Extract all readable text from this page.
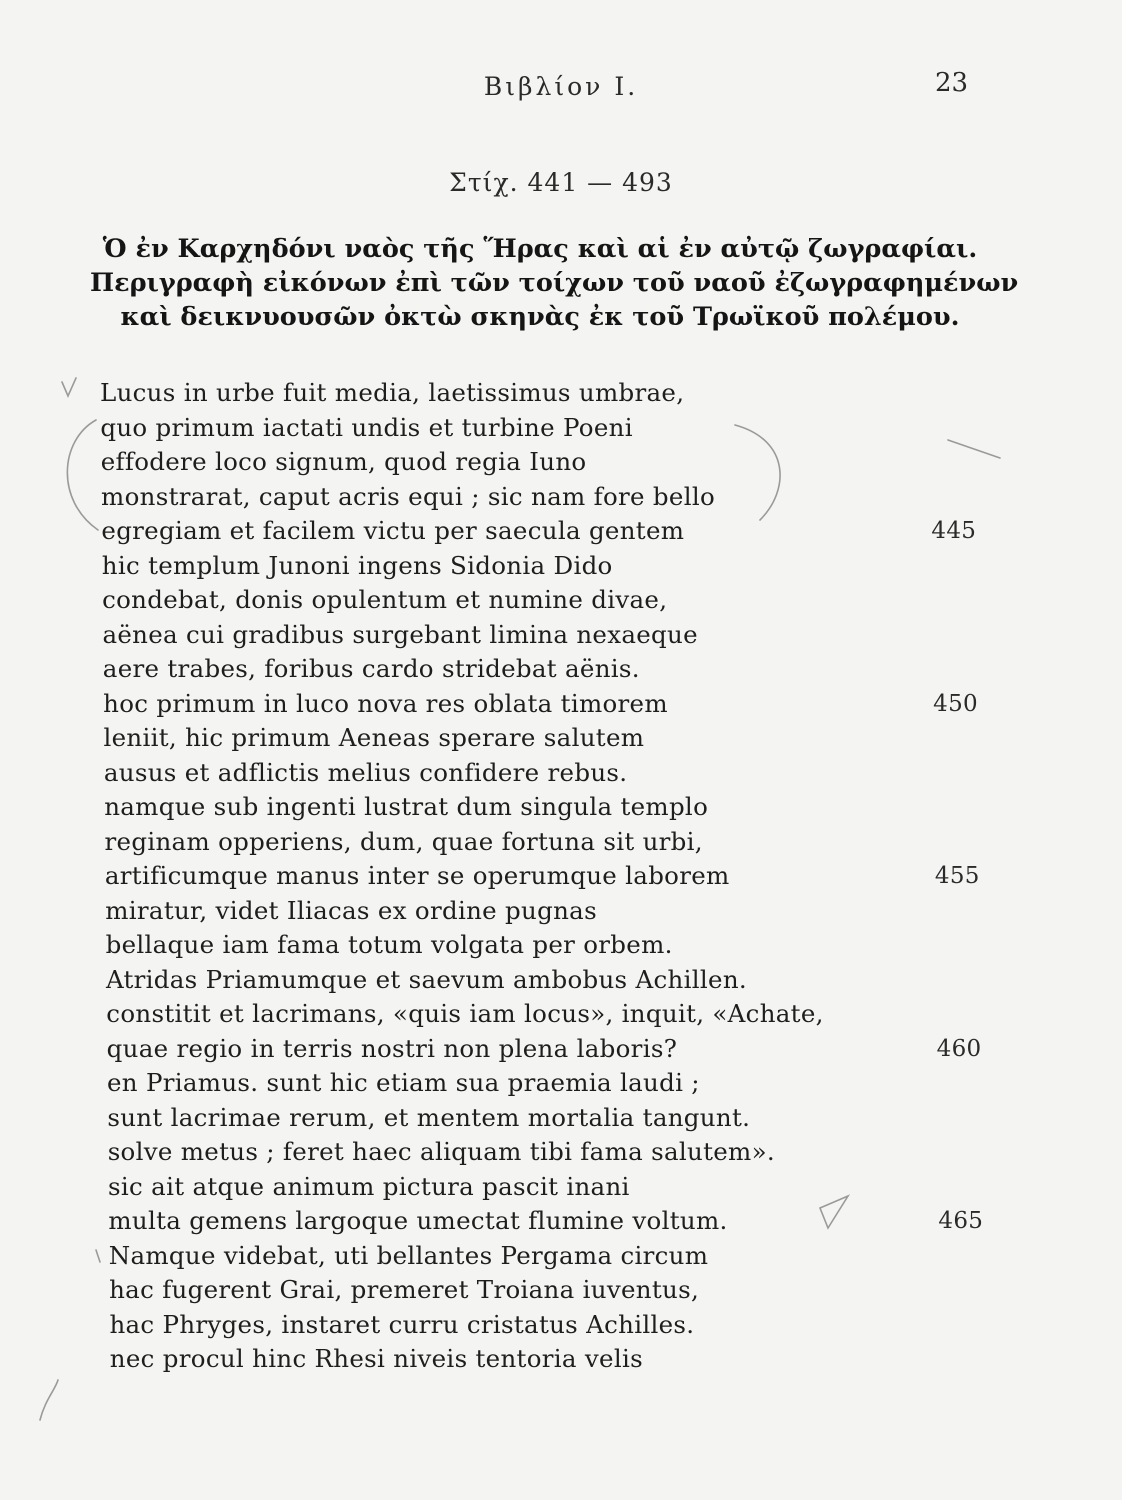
Βιβλίον Ι.	23
Στίχ. 441 — 493
Ὁ ἐν Καρχηδόνι ναὸς τῆς Ἥρας καὶ αἱ ἐν αὐτῷ ζωγραφίαι.
Περιγραφὴ εἰκόνων ἐπὶ τῶν τοίχων τοῦ ναοῦ ἐζωγραφημένων
καὶ δεικνυουσῶν ὀκτὼ σκηνὰς ἐκ τοῦ Τρωϊκοῦ πολέμου.
Lucus in urbe fuit media, laetissimus umbrae,
quo primum iactati undis et turbine Poeni
effodere loco signum, quod regia Iuno
monstrarat, caput acris equi ; sic nam fore bello
egregiam et facilem victu per saecula gentem	445
hic templum Junoni ingens Sidonia Dido
condebat, donis opulentum et numine divae,
aënea cui gradibus surgebant limina nexaeque
aere trabes, foribus cardo stridebat aënis.
hoc primum in luco nova res oblata timorem	450
leniit, hic primum Aeneas sperare salutem
ausus et adflictis melius confidere rebus.
namque sub ingenti lustrat dum singula templo
reginam opperiens, dum, quae fortuna sit urbi,
artificumque manus inter se operumque laborem	455
miratur, videt Iliacas ex ordine pugnas
bellaque iam fama totum volgata per orbem.
Atridas Priamumque et saevum ambobus Achillen.
constitit et lacrimans, «quis iam locus», inquit, «Achate,
quae regio in terris nostri non plena laboris?	460
en Priamus. sunt hic etiam sua praemia laudi ;
sunt lacrimae rerum, et mentem mortalia tangunt.
solve metus ; feret haec aliquam tibi fama salutem».
sic ait atque animum pictura pascit inani
multa gemens largoque umectat flumine voltum.	465
Namque videbat, uti bellantes Pergama circum
hac fugerent Grai, premeret Troiana iuventus,
hac Phryges, instaret curru cristatus Achilles.
nec procul hinc Rhesi niveis tentoria velis
